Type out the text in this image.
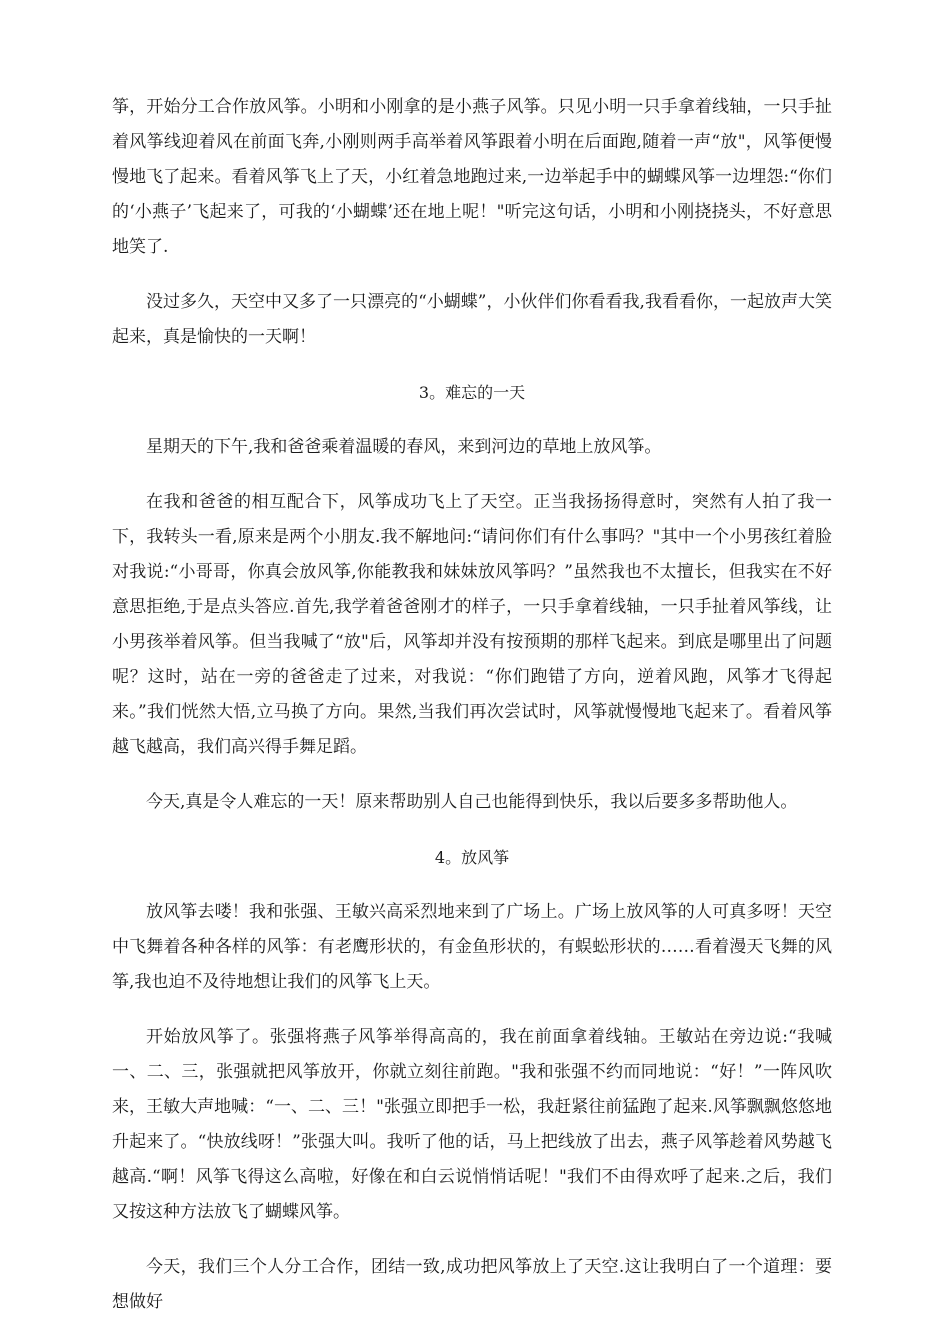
筝，开始分工合作放风筝。小明和小刚拿的是小燕子风筝。只见小明一只手拿着线轴，一只手扯着风筝线迎着风在前面飞奔,小刚则两手高举着风筝跟着小明在后面跑,随着一声“放"，风筝便慢慢地飞了起来。看着风筝飞上了天，小红着急地跑过来,一边举起手中的蝴蝶风筝一边埋怨:“你们的‘小燕子’飞起来了，可我的‘小蝴蝶’还在地上呢！"听完这句话，小明和小刚挠挠头，不好意思地笑了.

没过多久，天空中又多了一只漂亮的“小蝴蝶”，小伙伴们你看看我,我看看你，一起放声大笑起来，真是愉快的一天啊！

3。难忘的一天

星期天的下午,我和爸爸乘着温暖的春风，来到河边的草地上放风筝。

在我和爸爸的相互配合下，风筝成功飞上了天空。正当我扬扬得意时，突然有人拍了我一下，我转头一看,原来是两个小朋友.我不解地问:“请问你们有什么事吗？"其中一个小男孩红着脸对我说:“小哥哥，你真会放风筝,你能教我和妹妹放风筝吗？”虽然我也不太擅长，但我实在不好意思拒绝,于是点头答应.首先,我学着爸爸刚才的样子，一只手拿着线轴，一只手扯着风筝线，让小男孩举着风筝。但当我喊了“放"后，风筝却并没有按预期的那样飞起来。到底是哪里出了问题呢？这时，站在一旁的爸爸走了过来，对我说：“你们跑错了方向，逆着风跑，风筝才飞得起来。”我们恍然大悟,立马换了方向。果然,当我们再次尝试时，风筝就慢慢地飞起来了。看着风筝越飞越高，我们高兴得手舞足蹈。

今天,真是令人难忘的一天！原来帮助别人自己也能得到快乐，我以后要多多帮助他人。

4。放风筝

放风筝去喽！我和张强、王敏兴高采烈地来到了广场上。广场上放风筝的人可真多呀！天空中飞舞着各种各样的风筝：有老鹰形状的，有金鱼形状的，有蜈蚣形状的……看着漫天飞舞的风筝,我也迫不及待地想让我们的风筝飞上天。

开始放风筝了。张强将燕子风筝举得高高的，我在前面拿着线轴。王敏站在旁边说:“我喊一、二、三，张强就把风筝放开，你就立刻往前跑。"我和张强不约而同地说：“好！”一阵风吹来，王敏大声地喊：“一、二、三！"张强立即把手一松，我赶紧往前猛跑了起来.风筝飘飘悠悠地升起来了。“快放线呀！”张强大叫。我听了他的话，马上把线放了出去，燕子风筝趁着风势越飞越高.“啊！风筝飞得这么高啦，好像在和白云说悄悄话呢！"我们不由得欢呼了起来.之后，我们又按这种方法放飞了蝴蝶风筝。

今天，我们三个人分工合作，团结一致,成功把风筝放上了天空.这让我明白了一个道理：要想做好
